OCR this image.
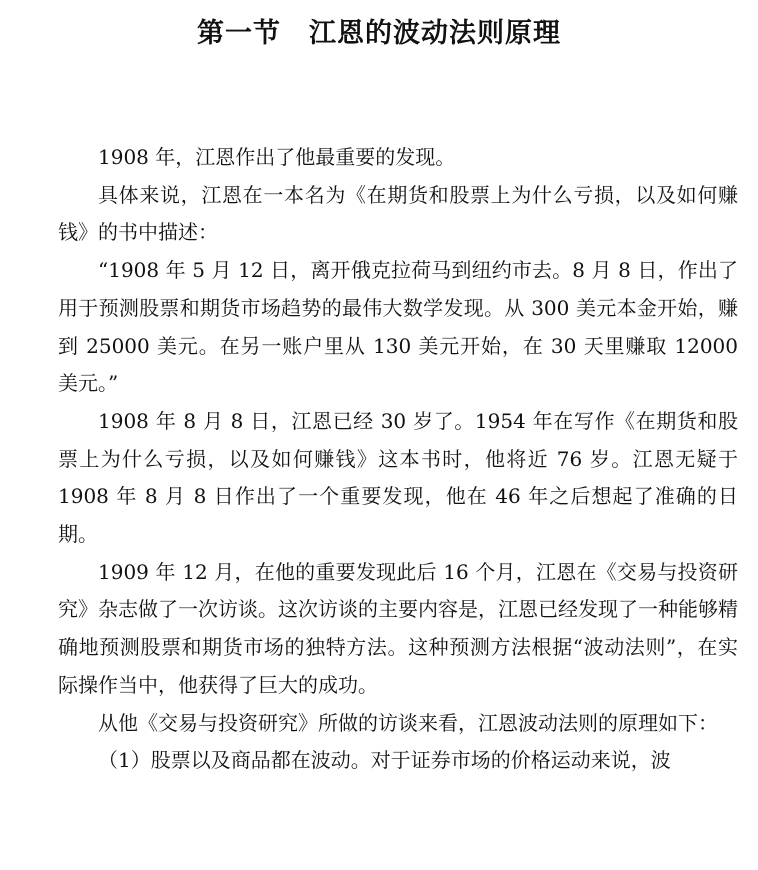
第一节　江恩的波动法则原理

1908 年，江恩作出了他最重要的发现。

具体来说，江恩在一本名为《在期货和股票上为什么亏损，以及如何赚钱》的书中描述：

“1908 年 5 月 12 日，离开俄克拉荷马到纽约市去。8 月 8 日，作出了用于预测股票和期货市场趋势的最伟大数学发现。从 300 美元本金开始，赚到 25000 美元。在另一账户里从 130 美元开始，在 30 天里赚取 12000 美元。”

1908 年 8 月 8 日，江恩已经 30 岁了。1954 年在写作《在期货和股票上为什么亏损，以及如何赚钱》这本书时，他将近 76 岁。江恩无疑于 1908 年 8 月 8 日作出了一个重要发现，他在 46 年之后想起了准确的日期。

1909 年 12 月，在他的重要发现此后 16 个月，江恩在《交易与投资研究》杂志做了一次访谈。这次访谈的主要内容是，江恩已经发现了一种能够精确地预测股票和期货市场的独特方法。这种预测方法根据“波动法则”，在实际操作当中，他获得了巨大的成功。

从他《交易与投资研究》所做的访谈来看，江恩波动法则的原理如下：

（1）股票以及商品都在波动。对于证券市场的价格运动来说，波
